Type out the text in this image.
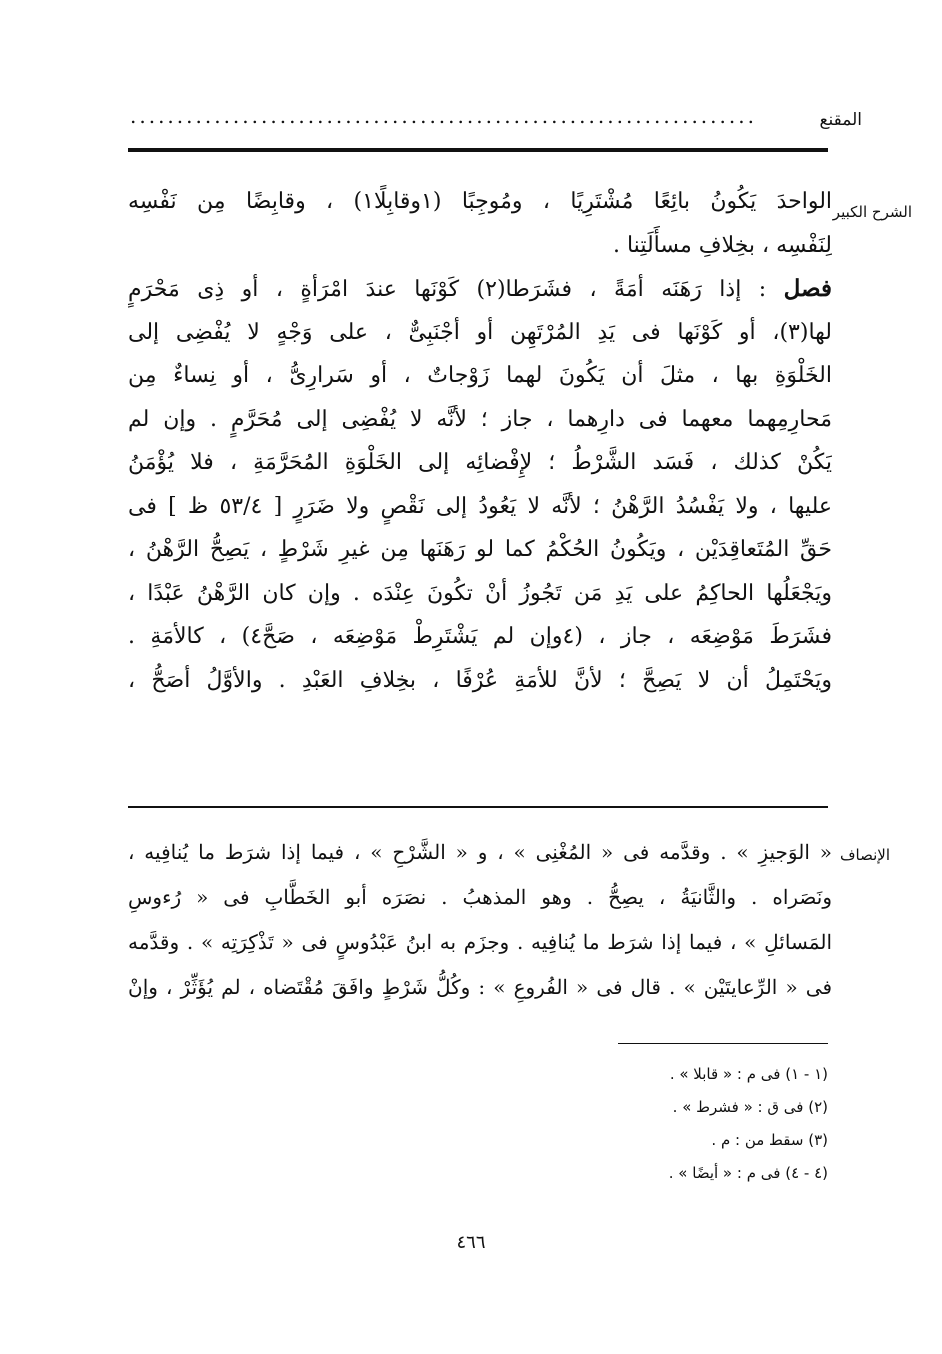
المقنع
...................................................................
الشرح الكبير
الواحدَ يَكُونُ بائِعًا مُشْتَرِيًا ، ومُوجِبًا (١وقابِلًا١) ، وقابِضًا مِن نَفْسِه
لِنَفْسِه ، بخِلافِ مسأَلَتِنا .
فصل : إذا رَهَنَه أمَةً ، فشَرَطا(٢) كَوْنَها عندَ امْرَأةٍ ، أو ذِى مَحْرَمٍ
لها(٣)، أو كَوْنَها فى يَدِ المُرْتَهِن أو أجْنَبِىٌّ ، على وَجْهٍ لا يُفْضِى إلى
الخَلْوَةِ بها ، مثلَ أن يَكُونَ لهما زَوْجاتٌ ، أو سَرارِىُّ ، أو نِساءٌ مِن
مَحارِمِهما معهما فى دارِهما ، جاز ؛ لأنَّه لا يُفْضِى إلى مُحَرَّمٍ . وإن لم
يَكُنْ كذلك ، فَسَد الشَّرْطُ ؛ لإِفْضائِه إلى الخَلْوَةِ المُحَرَّمَةِ ، فلا يُؤْمَنُ
عليها ، ولا يَفْسُدُ الرَّهْنُ ؛ لأنَّه لا يَعُودُ إلى نَقْصٍ ولا ضَرَرٍ [ ٥٣/٤ ظ ] فى
حَقِّ المُتَعاقِدَيْن ، ويَكُونُ الحُكْمُ كما لو رَهَنَها مِن غيرِ شَرْطٍ ، يَصِحُّ الرَّهْنُ ،
ويَجْعَلُها الحاكِمُ على يَدِ مَن تَجُوزُ أنْ تكُونَ عِنْدَه . وإن كان الرَّهْنُ عَبْدًا ،
فشَرَطَ مَوْضِعَه ، جاز ، (٤وإن لم يَشْتَرِطْ مَوْضِعَه ، صَحَّ٤) ، كالأمَةِ .
ويَحْتَمِلُ أن لا يَصِحَّ ؛ لأنَّ للأمَةِ عُرْفًا ، بخِلافِ العَبْدِ . والأوَّلُ أصَحُّ ،
الإنصاف
« الوَجيزِ » . وقدَّمه فى « المُغْنِى » ، و « الشَّرْحِ » ، فيما إذا شرَط ما يُنافِيه ،
ونَصَراه . والثَّانيَةُ ، يصِحُّ . وهو المذهبُ . نصَرَه أبو الخَطَّابِ فى « رُءوسِ
المَسائلِ » ، فيما إذا شرَط ما يُنافِيه . وجزَم به ابنُ عَبْدُوسٍ فى « تَذْكِرَتِه » . وقدَّمه
فى « الرِّعايتَيْن » . قال فى « الفُروعِ » : وكُلُّ شَرْطٍ وافَقَ مُقْتَضاه ، لم يُؤَثِّرْ ، وإنْ
(١ - ١) فى م : « قابلا » .
(٢) فى ق : « فشرط » .
(٣) سقط من : م .
(٤ - ٤) فى م : « أيضًا » .
٤٦٦
